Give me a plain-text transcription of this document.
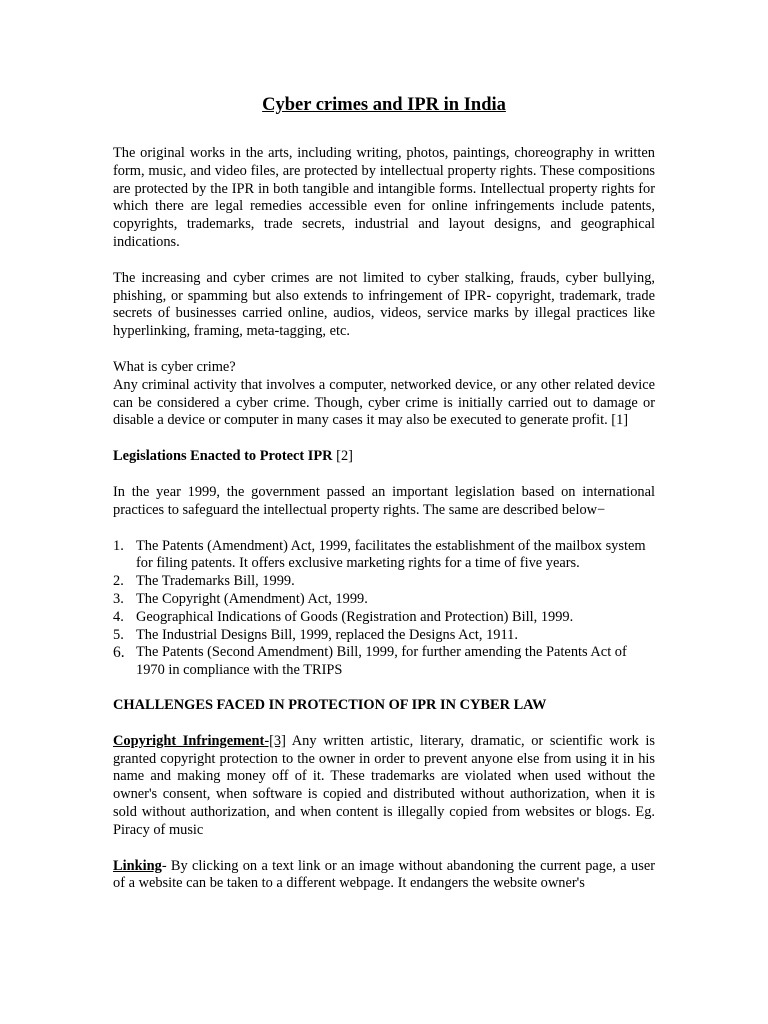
Cyber crimes and IPR in India

The original works in the arts, including writing, photos, paintings, choreography in written form, music, and video files, are protected by intellectual property rights. These compositions are protected by the IPR in both tangible and intangible forms. Intellectual property rights for which there are legal remedies accessible even for online infringements include patents, copyrights, trademarks, trade secrets, industrial and layout designs, and geographical indications.

The increasing and cyber crimes are not limited to cyber stalking, frauds, cyber bullying, phishing, or spamming but also extends to infringement of IPR- copyright, trademark, trade secrets of businesses carried online, audios, videos, service marks by illegal practices like hyperlinking, framing, meta-tagging, etc.

What is cyber crime?

Any criminal activity that involves a computer, networked device, or any other related device can be considered a cyber crime. Though, cyber crime is initially carried out to damage or disable a device or computer in many cases it may also be executed to generate profit. [1]

Legislations Enacted to Protect IPR [2]

In the year 1999, the government passed an important legislation based on international practices to safeguard the intellectual property rights. The same are described below−

1. The Patents (Amendment) Act, 1999, facilitates the establishment of the mailbox system for filing patents. It offers exclusive marketing rights for a time of five years.
2. The Trademarks Bill, 1999.
3. The Copyright (Amendment) Act, 1999.
4. Geographical Indications of Goods (Registration and Protection) Bill, 1999.
5. The Industrial Designs Bill, 1999, replaced the Designs Act, 1911.
6. The Patents (Second Amendment) Bill, 1999, for further amending the Patents Act of 1970 in compliance with the TRIPS

CHALLENGES FACED IN PROTECTION OF IPR IN CYBER LAW

Copyright Infringement-[3] Any written artistic, literary, dramatic, or scientific work is granted copyright protection to the owner in order to prevent anyone else from using it in his name and making money off of it. These trademarks are violated when used without the owner's consent, when software is copied and distributed without authorization, when it is sold without authorization, and when content is illegally copied from websites or blogs. Eg. Piracy of music

Linking- By clicking on a text link or an image without abandoning the current page, a user of a website can be taken to a different webpage. It endangers the website owner's
